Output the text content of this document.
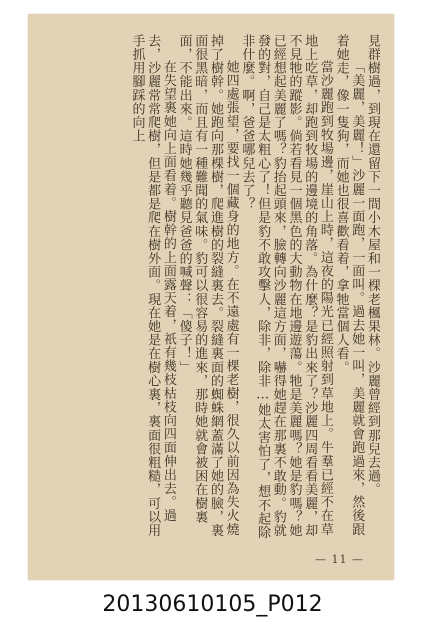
見群樹過，到現在還留下一間小木屋和一棵老楓果林。沙麗曾經到那兒去過。

「美麗，美麗！」沙麗一面跑，一面叫。過去她一叫，美麗就會跑過來，然後跟着她走，像一隻狗，而她也很喜歡看着，拿牠當個人看。

當沙麗跑到牧場邊，崖山上時，這夜的陽光已經照射到草地上。牛羣已經不在草地上吃草，却跑到牧場的邊境的角落。為什麼？是豹出來了？沙麗四周看看美麗，却不見牠的蹤影。倘若看見一個黑色的大動物在地邊遊蕩。牠是美麗嗎？她是豹嗎？她已經想起美麗了嗎？豹抬起頭來，臉轉向沙麗這方面，嚇得她趕在那裏不敢動。豹就發的對，自己是太粗心了！但是豹不敢攻擊人，除非，除非…她太害怕了，想不起除非什麼。啊，爸爸哪兒去了？

她四處張望，要找一個藏身的地方。在不遠處有一棵老樹，很久以前因為失火燒掉了樹幹。她跑向那棵樹，爬進樹的裂縫裏去。裂縫裏面的蜘蛛網蓋滿了她的臉，裏面很黑暗，而且有一種難聞的氣味。豹可以很容易的進來，那時她就會被困在樹裏面，不能出來。這時她幾乎聽見爸爸的喊聲：「傻子！」

在失望裏她向上面看着。樹幹的上面露天着，祇有幾枝枯枝向四面伸出去。過去，沙麗常常爬樹，但是都是爬在樹外面。現在她是在樹心裏，裏面很粗糙，可以用手抓用腳踩的向上

— 11 —
20130610105_P012
